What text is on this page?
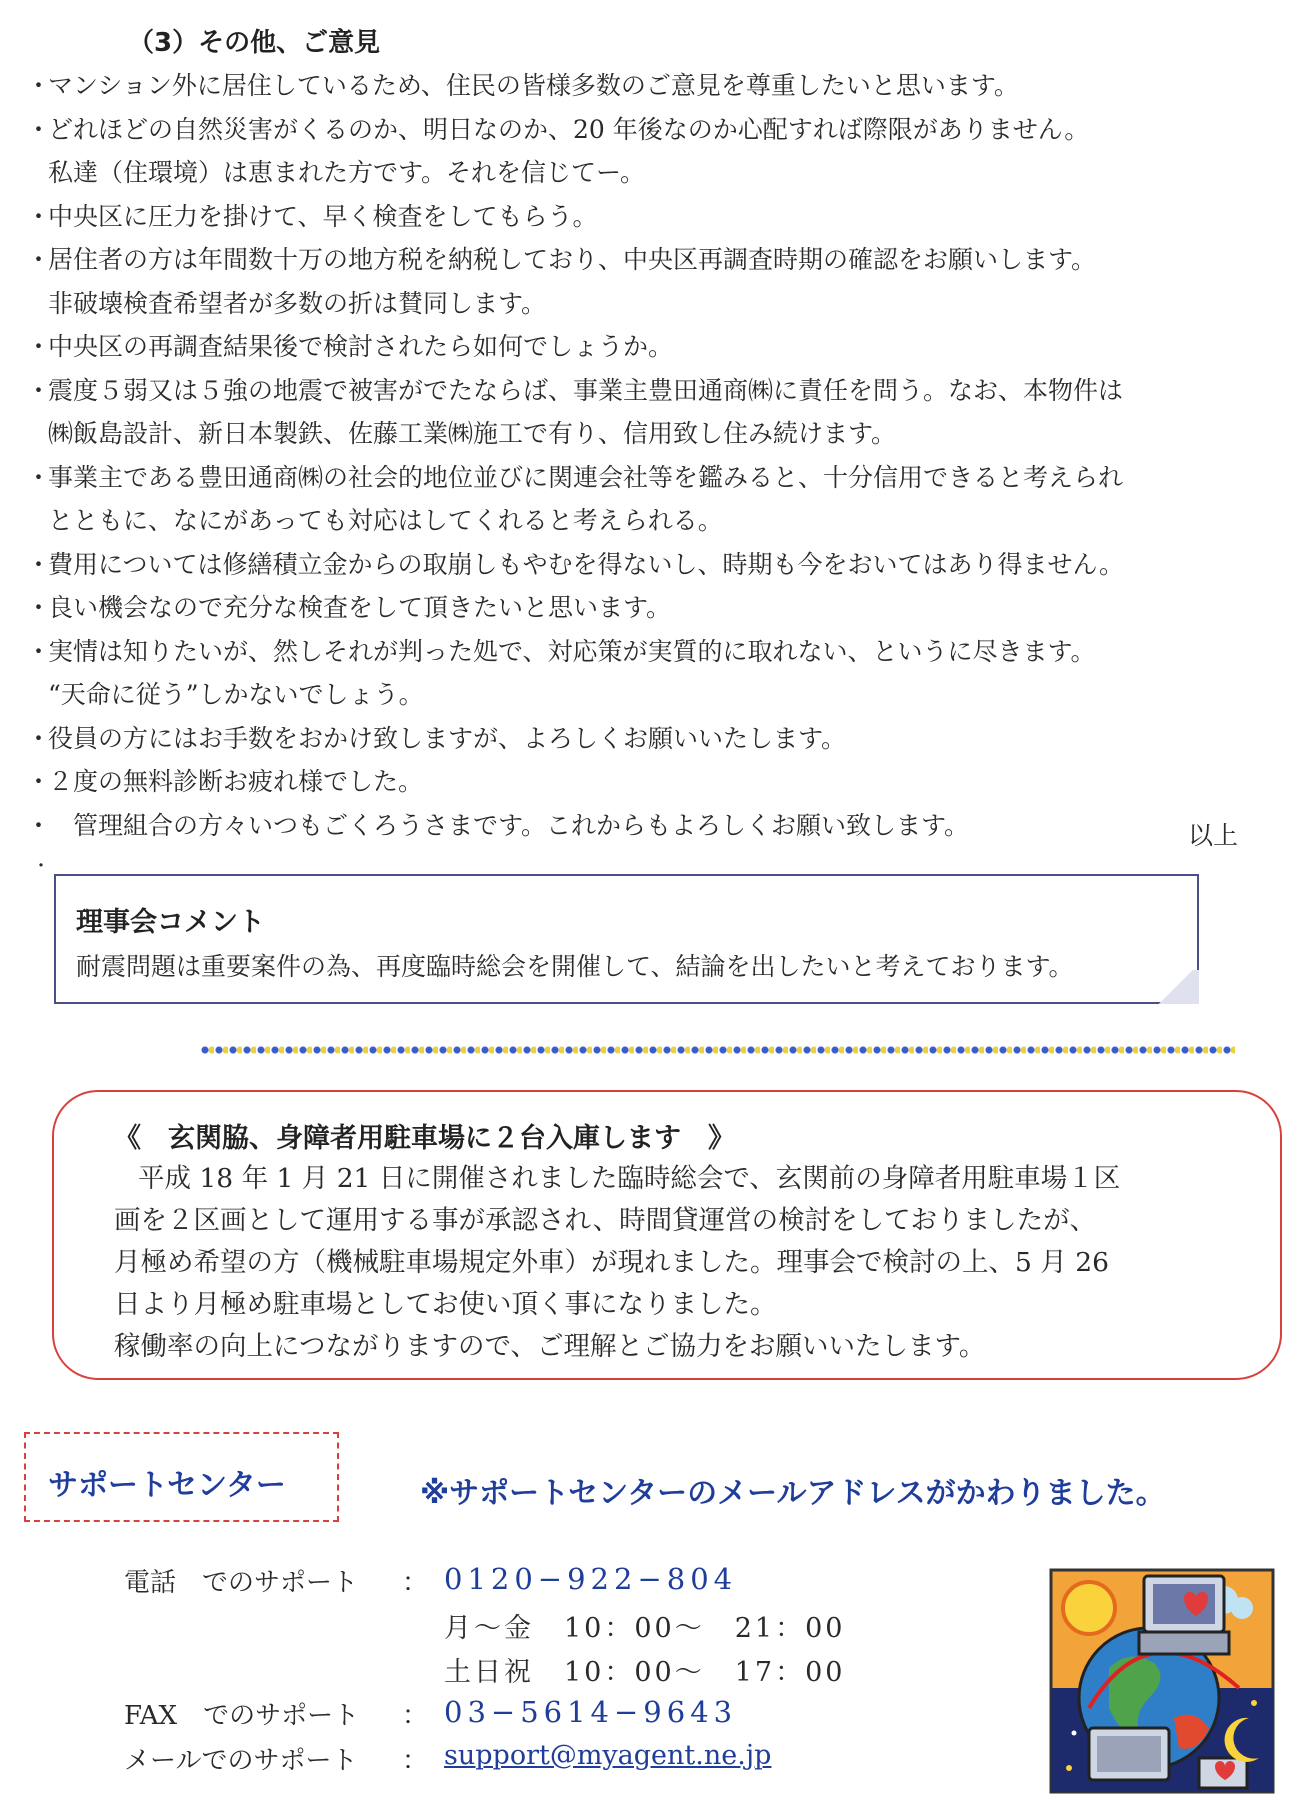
（3）その他、ご意見
・
マンション外に居住しているため、住民の皆様多数のご意見を尊重したいと思います。
・
どれほどの自然災害がくるのか、明日なのか、20 年後なのか心配すれば際限がありません。
私達（住環境）は恵まれた方です。それを信じてー。
・
中央区に圧力を掛けて、早く検査をしてもらう。
・
居住者の方は年間数十万の地方税を納税しており、中央区再調査時期の確認をお願いします。
非破壊検査希望者が多数の折は賛同します。
・
中央区の再調査結果後で検討されたら如何でしょうか。
・
震度５弱又は５強の地震で被害がでたならば、事業主豊田通商㈱に責任を問う。なお、本物件は
㈱飯島設計、新日本製鉄、佐藤工業㈱施工で有り、信用致し住み続けます。
・
事業主である豊田通商㈱の社会的地位並びに関連会社等を鑑みると、十分信用できると考えられ
とともに、なにがあっても対応はしてくれると考えられる。
・
費用については修繕積立金からの取崩しもやむを得ないし、時期も今をおいてはあり得ません。
・
良い機会なので充分な検査をして頂きたいと思います。
・
実情は知りたいが、然しそれが判った処で、対応策が実質的に取れない、というに尽きます。
“天命に従う”しかないでしょう。
・
役員の方にはお手数をおかけ致しますが、よろしくお願いいたします。
・
２度の無料診断お疲れ様でした。
・
　管理組合の方々いつもごくろうさまです。これからもよろしくお願い致します。	以上
・
理事会コメント
耐震問題は重要案件の為、再度臨時総会を開催して、結論を出したいと考えております。
《　玄関脇、身障者用駐車場に２台入庫します　》
平成 18 年 1 月 21 日に開催されました臨時総会で、玄関前の身障者用駐車場１区
画を２区画として運用する事が承認され、時間貸運営の検討をしておりましたが、
月極め希望の方（機械駐車場規定外車）が現れました。理事会で検討の上、5 月 26
日より月極め駐車場としてお使い頂く事になりました。
稼働率の向上につながりますので、ご理解とご協力をお願いいたします。
サポートセンター	※サポートセンターのメールアドレスがかわりました。
電話　でのサポート ： 0120−922−804
月～金　10：00～　21：00
土日祝　10：00～　17：00
FAX　でのサポート ： 03−5614−9643
メールでのサポート ： support@myagent.ne.jp
